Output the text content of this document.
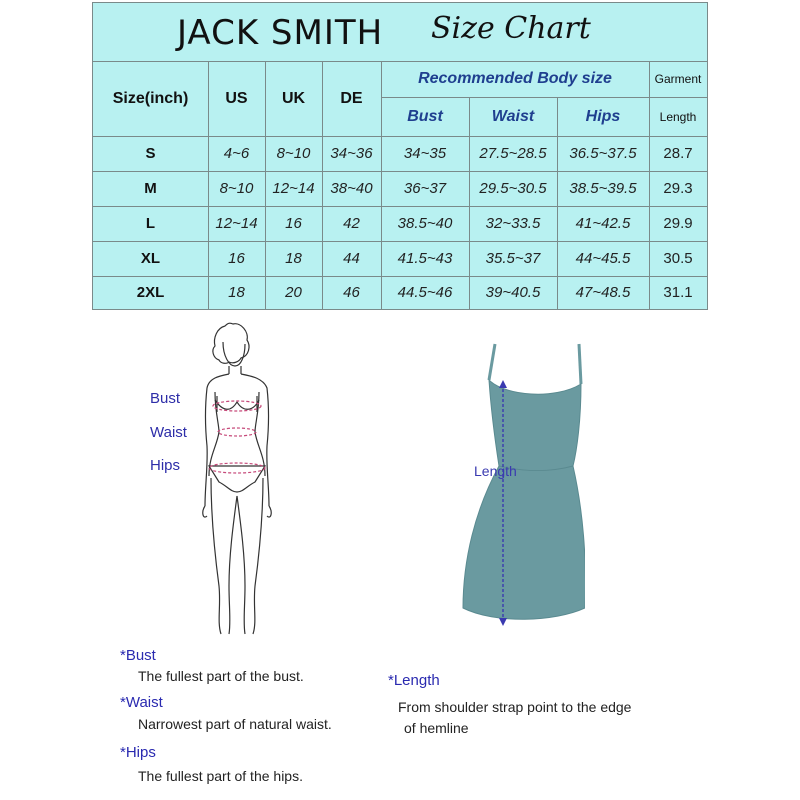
JACK SMITH Size Chart
Size(inch)	US	UK	DE
Recommended Body size	Garment
Bust	Waist	Hips	Length
S	4~6	8~10	34~36	34~35	27.5~28.5	36.5~37.5	28.7
M	8~10	12~14	38~40	36~37	29.5~30.5	38.5~39.5	29.3
L	12~14	16	42	38.5~40	32~33.5	41~42.5	29.9
XL	16	18	44	41.5~43	35.5~37	44~45.5	30.5
2XL	18	20	46	44.5~46	39~40.5	47~48.5	31.1
Bust
Waist
Hips	Length
*Bust
The fullest part of the bust.
*Waist
Narrowest part of natural waist.
*Hips
The fullest part of the hips.
*Length
From shoulder strap point to the edge
of hemline
